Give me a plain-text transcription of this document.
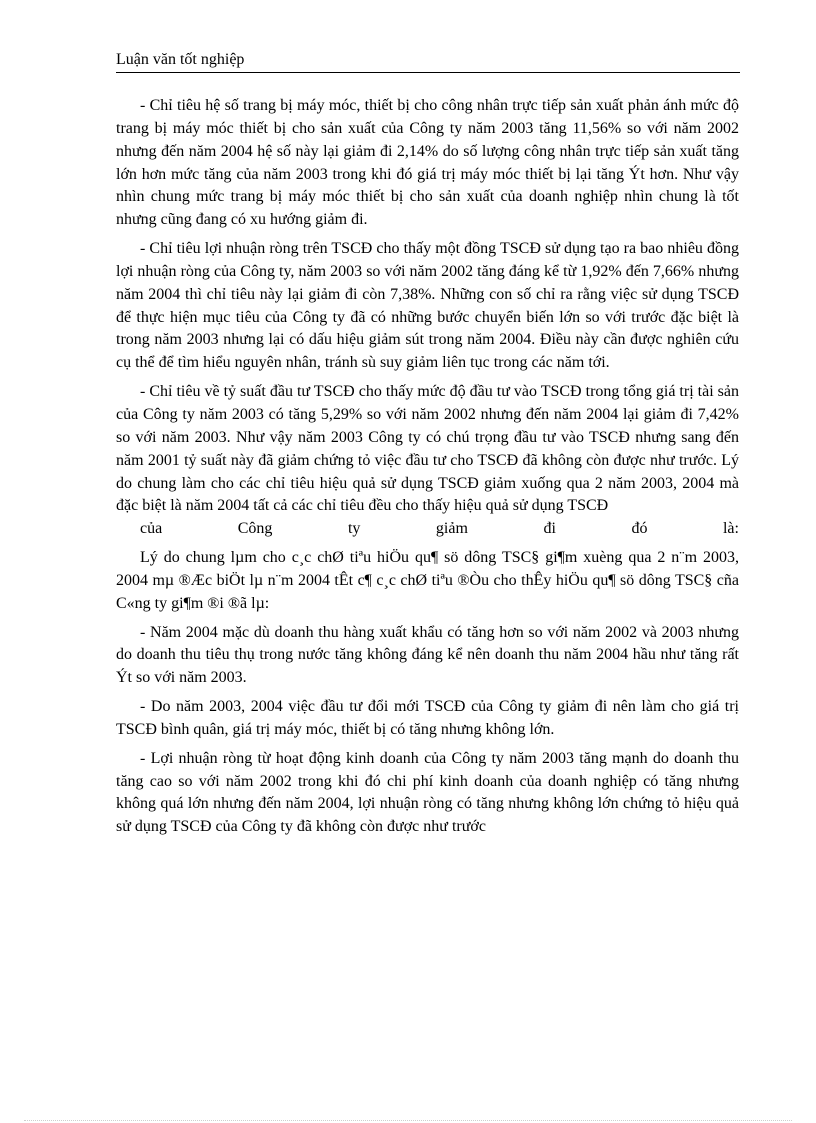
Luận văn tốt nghiệp

- Chỉ tiêu hệ số trang bị máy móc, thiết bị cho công nhân trực tiếp sản xuất phản ánh mức độ trang bị máy móc thiết bị cho sản xuất của Công ty năm 2003 tăng 11,56% so với năm 2002 nhưng đến năm 2004 hệ số này lại giảm đi 2,14% do số lượng công nhân trực tiếp sản xuất tăng lớn hơn mức tăng của năm 2003 trong khi đó giá trị máy móc thiết bị lại tăng Ýt hơn. Như vậy nhìn chung mức trang bị máy móc thiết bị cho sản xuất của doanh nghiệp nhìn chung là tốt nhưng cũng đang có xu hướng giảm đi.

- Chỉ tiêu lợi nhuận ròng trên TSCĐ cho thấy một đồng TSCĐ sử dụng tạo ra bao nhiêu đồng lợi nhuận ròng của Công ty, năm 2003 so với năm 2002 tăng đáng kể từ 1,92% đến 7,66% nhưng năm 2004 thì chỉ tiêu này lại giảm đi còn 7,38%. Những con số chỉ ra rằng việc sử dụng TSCĐ để thực hiện mục tiêu của Công ty đã có những bước chuyển biến lớn so với trước đặc biệt là trong năm 2003 nhưng lại có dấu hiệu giảm sút trong năm 2004. Điều này cần được nghiên cứu cụ thể để tìm hiểu nguyên nhân, tránh sù suy giảm liên tục trong các năm tới.

- Chỉ tiêu về tỷ suất đầu tư TSCĐ cho thấy mức độ đầu tư vào TSCĐ trong tổng giá trị tài sản của Công ty năm 2003 có tăng 5,29% so với năm 2002 nhưng đến năm 2004 lại giảm đi 7,42% so với năm 2003. Như vậy năm 2003 Công ty có chú trọng đầu tư vào TSCĐ nhưng sang đến năm 2001 tỷ suất này đã giảm chứng tỏ việc đầu tư cho TSCĐ đã không còn được như trước. Lý do chung làm cho các chỉ tiêu hiệu quả sử dụng TSCĐ giảm xuống qua 2 năm 2003, 2004 mà đặc biệt là năm 2004 tất cả các chỉ tiêu đều cho thấy hiệu quả sử dụng TSCĐ
của	Công	ty	giảm	đi	đó	là:

Lý do chung lµm cho c¸c chØ tiªu hiÖu qu¶ sö dông TSC§ gi¶m xuèng qua 2 n¨m 2003, 2004 mµ ®Æc biÖt lµ n¨m 2004 tÊt c¶ c¸c chØ tiªu ®Òu cho thÊy hiÖu qu¶ sö dông TSC§ cña C«ng ty gi¶m ®i ®ã lµ:

- Năm 2004 mặc dù doanh thu hàng xuất khẩu có tăng hơn so với năm 2002 và 2003 nhưng do doanh thu tiêu thụ trong nước tăng không đáng kể nên doanh thu năm 2004 hầu như tăng rất Ýt so với năm 2003.

- Do năm 2003, 2004 việc đầu tư đổi mới TSCĐ của Công ty giảm đi nên làm cho giá trị TSCĐ bình quân, giá trị máy móc, thiết bị có tăng nhưng không lớn.

- Lợi nhuận ròng từ hoạt động kinh doanh của Công ty năm 2003 tăng mạnh do doanh thu tăng cao so với năm 2002 trong khi đó chi phí kinh doanh của doanh nghiệp có tăng nhưng không quá lớn nhưng đến năm 2004, lợi nhuận ròng có tăng nhưng không lớn chứng tỏ hiệu quả sử dụng TSCĐ của Công ty đã không còn được như trước
